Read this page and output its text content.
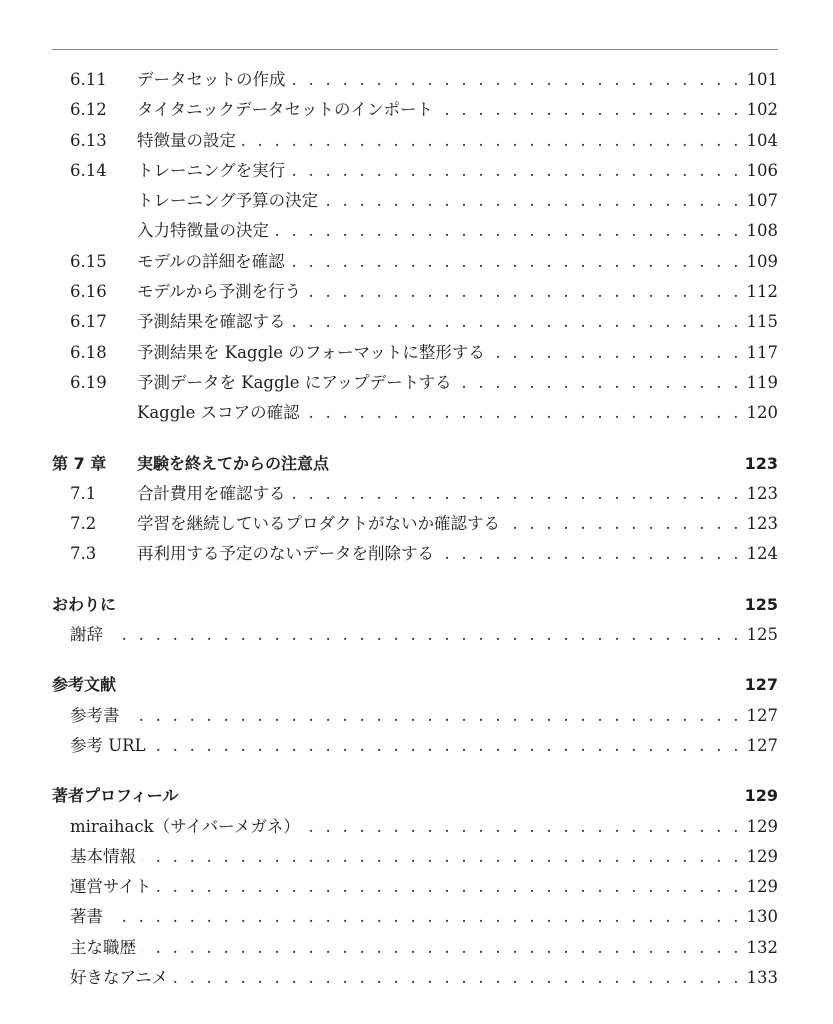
6.11 データセットの作成 . . .	101
6.12 タイタニックデータセットのインポート . . .	102
6.13 特徴量の設定 . . .	104
6.14 トレーニングを実行 . . .	106
トレーニング予算の決定 . . .	107
入力特徴量の決定 . . .	108
6.15 モデルの詳細を確認 . . .	109
6.16 モデルから予測を行う . . .	112
6.17 予測結果を確認する . . .	115
6.18 予測結果を Kaggle のフォーマットに整形する . . .	117
6.19 予測データを Kaggle にアップデートする . . .	119
Kaggle スコアの確認 . . .	120
第 7 章 実験を終えてからの注意点	123
7.1 合計費用を確認する . . .	123
7.2 学習を継続しているプロダクトがないか確認する . . .	123
7.3 再利用する予定のないデータを削除する . . .	124
おわりに	125
謝辞 . . .	125
参考文献	127
参考書 . . .	127
参考 URL . . .	127
著者プロフィール	129
miraihack（サイバーメガネ） . . .	129
基本情報 . . .	129
運営サイト . . .	129
著書 . . .	130
主な職歴 . . .	132
好きなアニメ . . .	133
